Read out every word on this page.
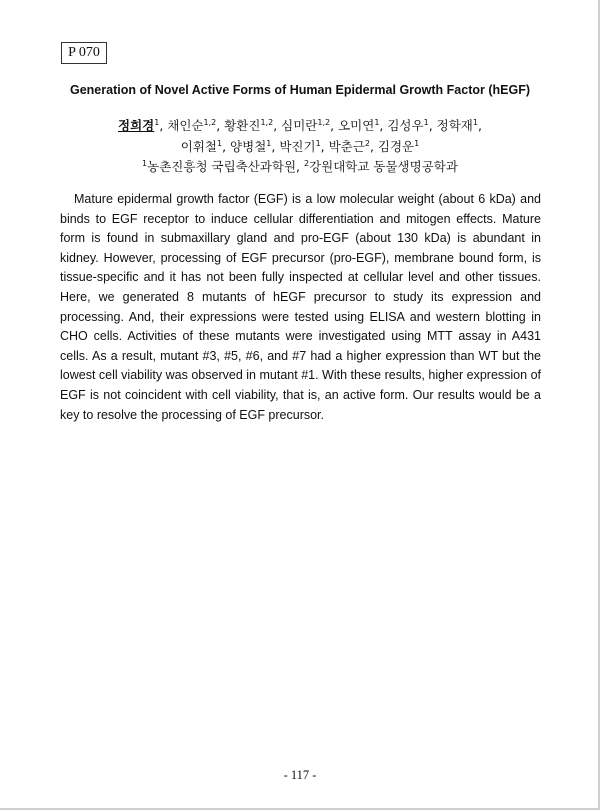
P 070
Generation of Novel Active Forms of Human Epidermal Growth Factor (hEGF)
정희경$^1$, 채인순$^{1,2}$, 황환진$^{1,2}$, 심미란$^{1,2}$, 오미연$^1$, 김성우$^1$, 정학재$^1$,
이휘철$^1$, 양병철$^1$, 박진기$^1$, 박춘근$^2$, 김경운$^1$
$^1$농촌진흥청 국립축산과학원, $^2$강원대학교 동물생명공학과

Mature epidermal growth factor (EGF) is a low molecular weight (about 6 kDa) and binds to EGF receptor to induce cellular differentiation and mitogen effects. Mature form is found in submaxillary gland and pro-EGF (about 130 kDa) is abundant in kidney. However, processing of EGF precursor (pro-EGF), membrane bound form, is tissue-specific and it has not been fully inspected at cellular level and other tissues. Here, we generated 8 mutants of hEGF precursor to study its expression and processing. And, their expressions were tested using ELISA and western blotting in CHO cells. Activities of these mutants were investigated using MTT assay in A431 cells. As a result, mutant #3, #5, #6, and #7 had a higher expression than WT but the lowest cell viability was observed in mutant #1. With these results, higher expression of EGF is not coincident with cell viability, that is, an active form. Our results would be a key to resolve the processing of EGF precursor.

- 117 -
